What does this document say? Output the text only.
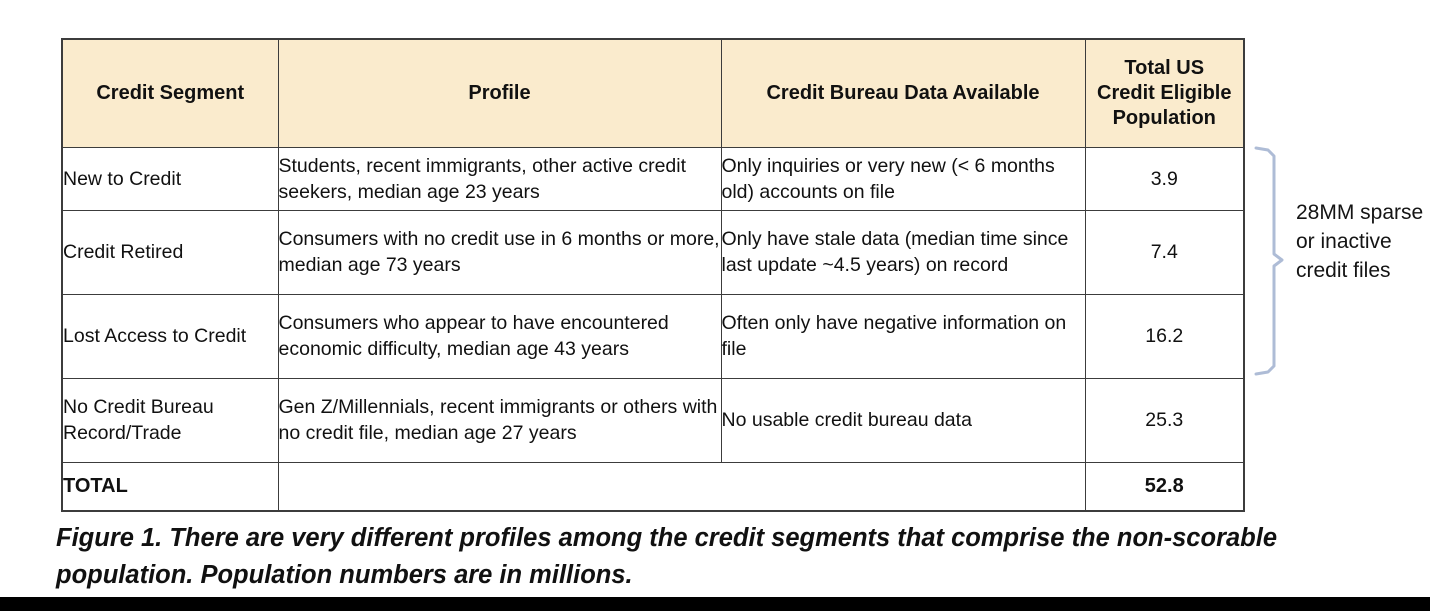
Credit Segment	Profile	Credit Bureau Data Available	Total US Credit Eligible Population
New to Credit	Students, recent immigrants, other active credit seekers, median age 23 years	Only inquiries or very new (< 6 months old) accounts on file	3.9
Credit Retired	Consumers with no credit use in 6 months or more, median age 73 years	Only have stale data (median time since last update ~4.5 years) on record	7.4
Lost Access to Credit	Consumers who appear to have encountered economic difficulty, median age 43 years	Often only have negative information on file	16.2
No Credit Bureau Record/Trade	Gen Z/Millennials, recent immigrants or others with no credit file, median age 27 years	No usable credit bureau data	25.3
TOTAL			52.8
28MM sparse or inactive credit files
Figure 1. There are very different profiles among the credit segments that comprise the non-scorable population. Population numbers are in millions.
